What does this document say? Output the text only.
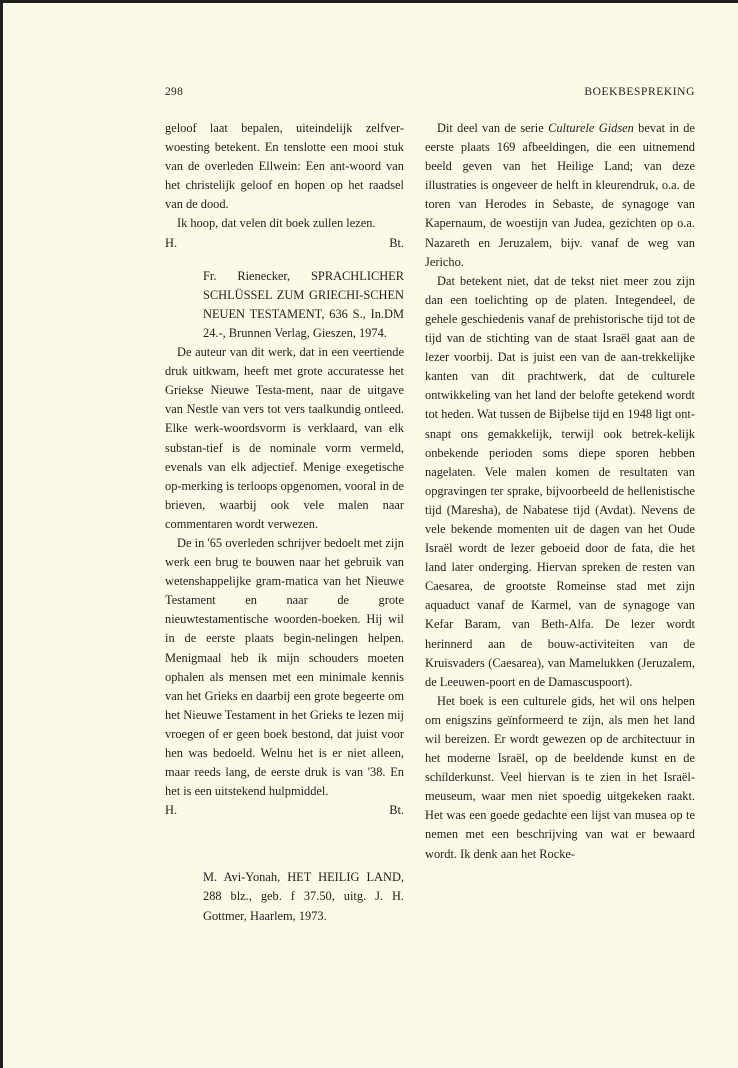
298	BOEKBESPREKING

geloof laat bepalen, uiteindelijk zelfver-woesting betekent. En tenslotte een mooi stuk van de overleden Ellwein: Een ant-woord van het christelijk geloof en hopen op het raadsel van de dood.

Ik hoop, dat velen dit boek zullen lezen.

H.	Bt.

Fr. Rienecker, SPRACHLICHER SCHLÜSSEL ZUM GRIECHI-SCHEN NEUEN TESTAMENT, 636 S., In.DM 24.-, Brunnen Verlag, Gieszen, 1974.

De auteur van dit werk, dat in een veertiende druk uitkwam, heeft met grote accuratesse het Griekse Nieuwe Testa-ment, naar de uitgave van Nestle van vers tot vers taalkundig ontleed. Elke werk-woordsvorm is verklaard, van elk substan-tief is de nominale vorm vermeld, evenals van elk adjectief. Menige exegetische op-merking is terloops opgenomen, vooral in de brieven, waarbij ook vele malen naar commentaren wordt verwezen.

De in '65 overleden schrijver bedoelt met zijn werk een brug te bouwen naar het gebruik van wetenshappelijke gram-matica van het Nieuwe Testament en naar de grote nieuwtestamentische woorden-boeken. Hij wil in de eerste plaats begin-nelingen helpen. Menigmaal heb ik mijn schouders moeten ophalen als mensen met een minimale kennis van het Grieks en daarbij een grote begeerte om het Nieuwe Testament in het Grieks te lezen mij vroegen of er geen boek bestond, dat juist voor hen was bedoeld. Welnu het is er niet alleen, maar reeds lang, de eerste druk is van '38. En het is een uitstekend hulpmiddel.

H.	Bt.

M. Avi-Yonah, HET HEILIG LAND, 288 blz., geb. f 37.50, uitg. J. H. Gottmer, Haarlem, 1973.

Dit deel van de serie Culturele Gidsen bevat in de eerste plaats 169 afbeeldingen, die een uitnemend beeld geven van het Heilige Land; van deze illustraties is ongeveer de helft in kleurendruk, o.a. de toren van Herodes in Sebaste, de synagoge van Kapernaum, de woestijn van Judea, gezichten op o.a. Nazareth en Jeruzalem, bijv. vanaf de weg van Jericho.

Dat betekent niet, dat de tekst niet meer zou zijn dan een toelichting op de platen. Integendeel, de gehele geschiedenis vanaf de prehistorische tijd tot de tijd van de stichting van de staat Israël gaat aan de lezer voorbij. Dat is juist een van de aan-trekkelijke kanten van dit prachtwerk, dat de culturele ontwikkeling van het land der belofte getekend wordt tot heden. Wat tussen de Bijbelse tijd en 1948 ligt ont-snapt ons gemakkelijk, terwijl ook betrek-kelijk onbekende perioden soms diepe sporen hebben nagelaten. Vele malen komen de resultaten van opgravingen ter sprake, bijvoorbeeld de hellenistische tijd (Maresha), de Nabatese tijd (Avdat). Nevens de vele bekende momenten uit de dagen van het Oude Israël wordt de lezer geboeid door de fata, die het land later onderging. Hiervan spreken de resten van Caesarea, de grootste Romeinse stad met zijn aquaduct vanaf de Karmel, van de synagoge van Kefar Baram, van Beth-Alfa. De lezer wordt herinnerd aan de bouw-activiteiten van de Kruisvaders (Caesarea), van Mamelukken (Jeruzalem, de Leeuwen-poort en de Damascuspoort).

Het boek is een culturele gids, het wil ons helpen om enigszins geïnformeerd te zijn, als men het land wil bereizen. Er wordt gewezen op de architectuur in het moderne Israël, op de beeldende kunst en de schilderkunst. Veel hiervan is te zien in het Israël-meuseum, waar men niet spoedig uitgekeken raakt. Het was een goede gedachte een lijst van musea op te nemen met een beschrijving van wat er bewaard wordt. Ik denk aan het Rocke-
